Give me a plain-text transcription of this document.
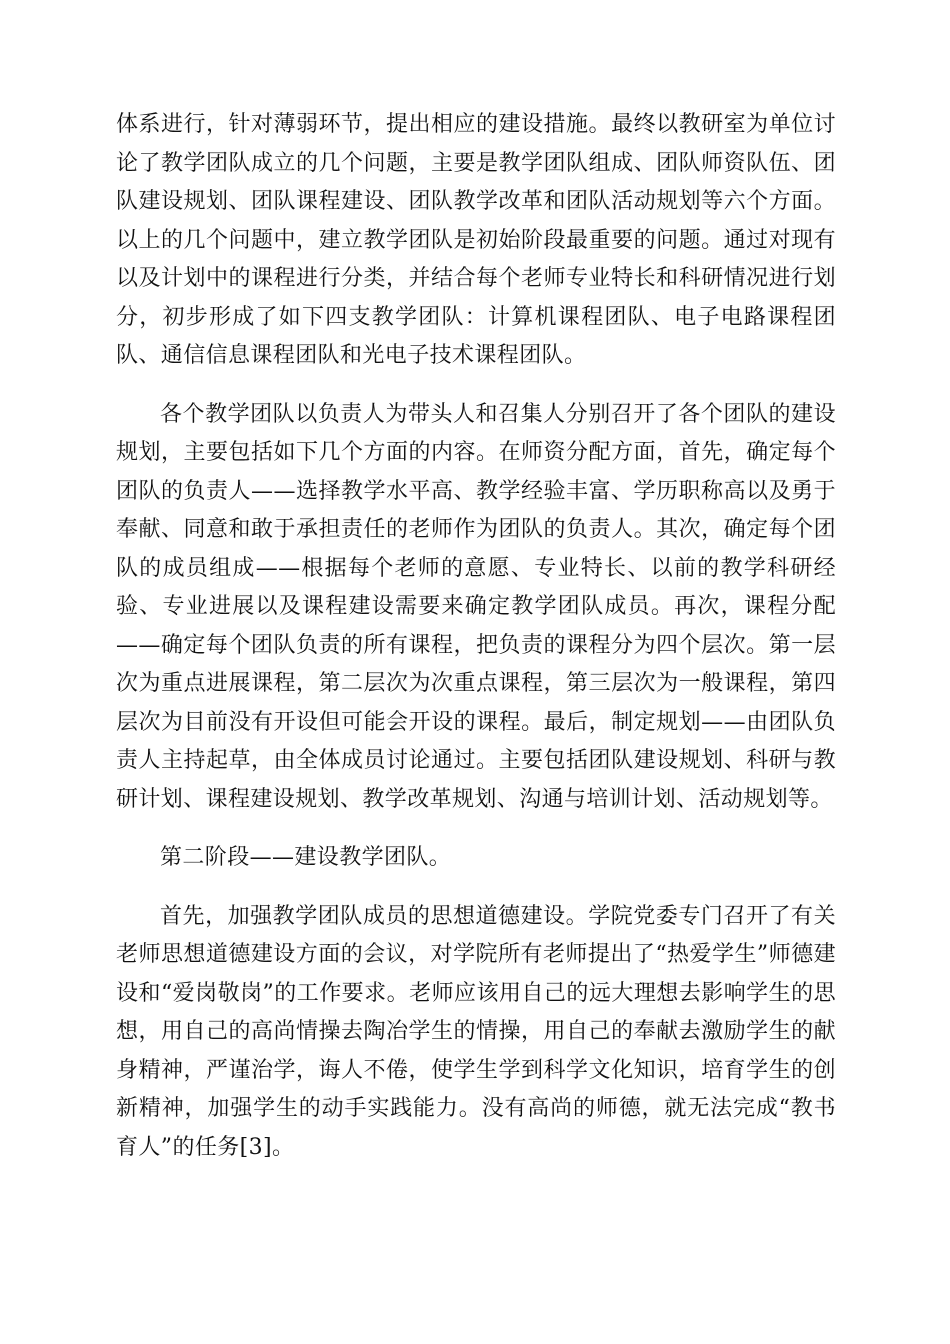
体系进行，针对薄弱环节，提出相应的建设措施。最终以教研室为单位讨论了教学团队成立的几个问题，主要是教学团队组成、团队师资队伍、团队建设规划、团队课程建设、团队教学改革和团队活动规划等六个方面。以上的几个问题中，建立教学团队是初始阶段最重要的问题。通过对现有以及计划中的课程进行分类，并结合每个老师专业特长和科研情况进行划分，初步形成了如下四支教学团队：计算机课程团队、电子电路课程团队、通信信息课程团队和光电子技术课程团队。

各个教学团队以负责人为带头人和召集人分别召开了各个团队的建设规划，主要包括如下几个方面的内容。在师资分配方面，首先，确定每个团队的负责人——选择教学水平高、教学经验丰富、学历职称高以及勇于奉献、同意和敢于承担责任的老师作为团队的负责人。其次，确定每个团队的成员组成——根据每个老师的意愿、专业特长、以前的教学科研经验、专业进展以及课程建设需要来确定教学团队成员。再次，课程分配——确定每个团队负责的所有课程，把负责的课程分为四个层次。第一层次为重点进展课程，第二层次为次重点课程，第三层次为一般课程，第四层次为目前没有开设但可能会开设的课程。最后，制定规划——由团队负责人主持起草，由全体成员讨论通过。主要包括团队建设规划、科研与教研计划、课程建设规划、教学改革规划、沟通与培训计划、活动规划等。

第二阶段——建设教学团队。

首先，加强教学团队成员的思想道德建设。学院党委专门召开了有关老师思想道德建设方面的会议，对学院所有老师提出了“热爱学生”师德建设和“爱岗敬岗”的工作要求。老师应该用自己的远大理想去影响学生的思想，用自己的高尚情操去陶冶学生的情操，用自己的奉献去激励学生的献身精神，严谨治学，诲人不倦，使学生学到科学文化知识，培育学生的创新精神，加强学生的动手实践能力。没有高尚的师德，就无法完成“教书育人”的任务[3]。
